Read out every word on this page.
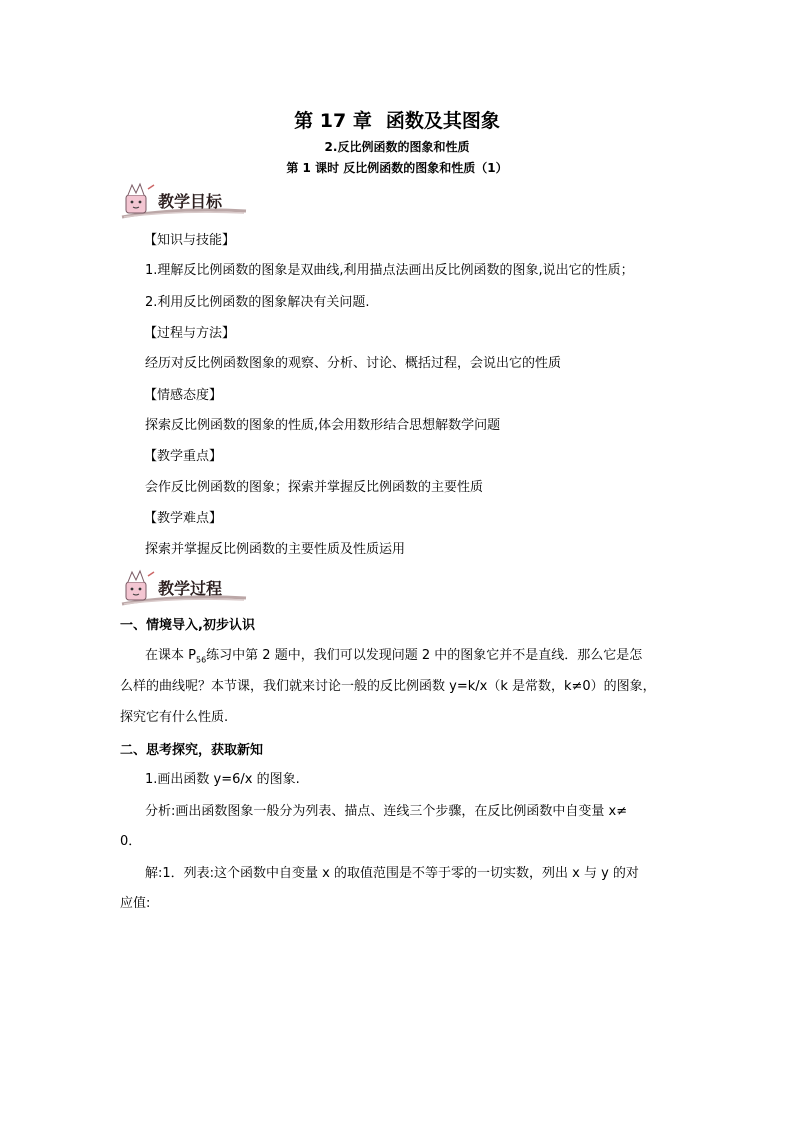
第 17 章 函数及其图象
2.反比例函数的图象和性质
第 1 课时 反比例函数的图象和性质（1）
教学目标
【知识与技能】
1.理解反比例函数的图象是双曲线,利用描点法画出反比例函数的图象,说出它的性质；
2.利用反比例函数的图象解决有关问题.
【过程与方法】
经历对反比例函数图象的观察、分析、讨论、概括过程，会说出它的性质
【情感态度】
探索反比例函数的图象的性质,体会用数形结合思想解数学问题
【教学重点】
会作反比例函数的图象；探索并掌握反比例函数的主要性质
【教学难点】
探索并掌握反比例函数的主要性质及性质运用
教学过程
一、情境导入,初步认识
在课本 $P_{56}$练习中第 2 题中，我们可以发现问题 2 中的图象它并不是直线．那么它是怎
么样的曲线呢？本节课，我们就来讨论一般的反比例函数 y=k/x（k 是常数，k≠0）的图象，
探究它有什么性质.
二、思考探究，获取新知
1.画出函数 y=6/x 的图象.
分析:画出函数图象一般分为列表、描点、连线三个步骤，在反比例函数中自变量 x≠
0．
解:1．列表:这个函数中自变量 x 的取值范围是不等于零的一切实数，列出 x 与 y 的对
应值:
